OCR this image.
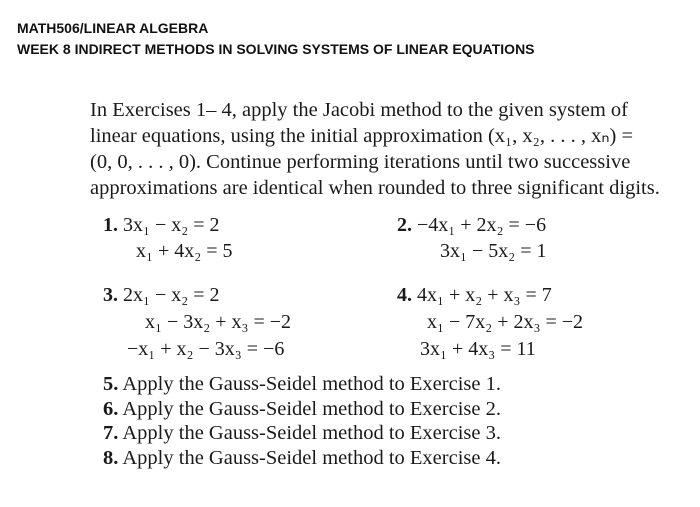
MATH506/LINEAR ALGEBRA
WEEK 8 INDIRECT METHODS IN SOLVING SYSTEMS OF LINEAR EQUATIONS
In Exercises 1– 4, apply the Jacobi method to the given system of
linear equations, using the initial approximation (x₁, x₂, . . . , xₙ) =
(0, 0, . . . , 0). Continue performing iterations until two successive
approximations are identical when rounded to three significant digits.
1. 3x₁ − x₂ = 2
x₁ + 4x₂ = 5
2. −4x₁ + 2x₂ = −6
3x₁ − 5x₂ = 1
3. 2x₁ − x₂ = 2
x₁ − 3x₂ + x₃ = −2
−x₁ + x₂ − 3x₃ = −6
4. 4x₁ + x₂ + x₃ = 7
x₁ − 7x₂ + 2x₃ = −2
3x₁ + 4x₃ = 11
5. Apply the Gauss-Seidel method to Exercise 1.
6. Apply the Gauss-Seidel method to Exercise 2.
7. Apply the Gauss-Seidel method to Exercise 3.
8. Apply the Gauss-Seidel method to Exercise 4.
